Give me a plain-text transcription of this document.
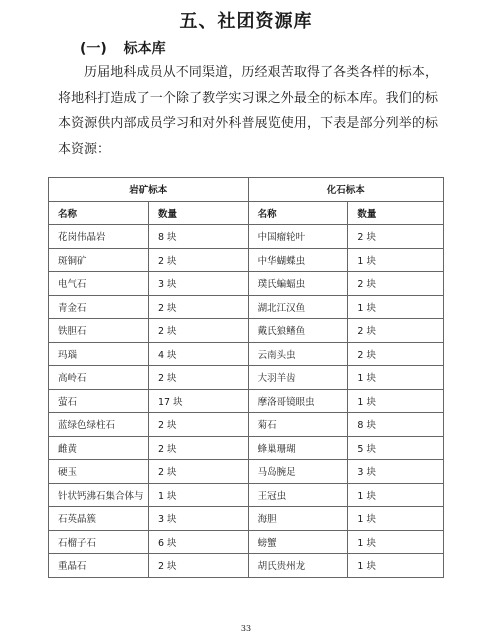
五、社团资源库
(一) 标本库

历届地科成员从不同渠道，历经艰苦取得了各类各样的标本，将地科打造成了一个除了教学实习课之外最全的标本库。我们的标本资源供内部成员学习和对外科普展览使用，下表是部分列举的标本资源：

岩矿标本		化石标本	
名称	数量	名称	数量
花岗伟晶岩	8 块	中国瘤轮叶	2 块
斑铜矿	2 块	中华蝴蝶虫	1 块
电气石	3 块	璞氏蝙蝠虫	2 块
青金石	2 块	湖北江汉鱼	1 块
铁胆石	2 块	戴氏狼鳍鱼	2 块
玛瑙	4 块	云南头虫	2 块
高岭石	2 块	大羽羊齿	1 块
萤石	17 块	摩洛哥镜眼虫	1 块
蓝绿色绿柱石	2 块	菊石	8 块
雌黄	2 块	蜂巢珊瑚	5 块
硬玉	2 块	马岛腕足	3 块
针状钙沸石集合体与	1 块	王冠虫	1 块
石英晶簇	3 块	海胆	1 块
石榴子石	6 块	螃蟹	1 块
重晶石	2 块	胡氏贵州龙	1 块
33
